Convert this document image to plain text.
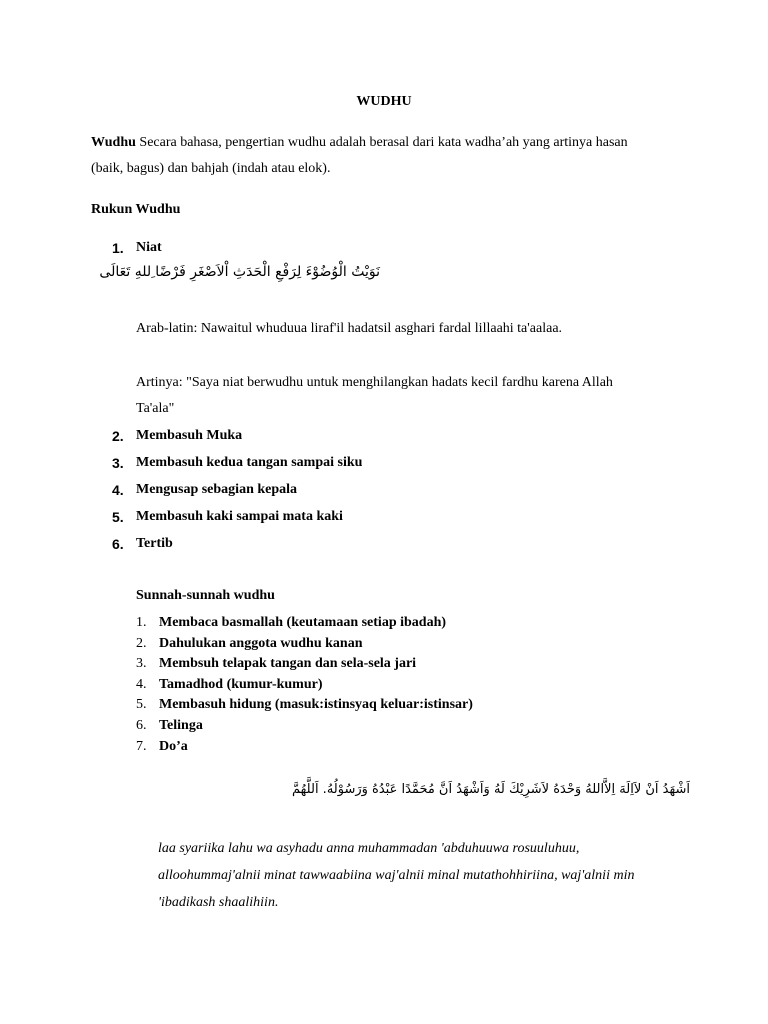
WUDHU
Wudhu Secara bahasa, pengertian wudhu adalah berasal dari kata wadha’ah yang artinya hasan
(baik, bagus) dan bahjah (indah atau elok).
Rukun Wudhu
1. Niat
نَوَيْتُ الْوُضُوْءَ لِرَفْعِ الْحَدَثِ اْلاَصْغَرِ فَرْضًا ِللهِ تَعَالَى
Arab-latin: Nawaitul whuduua liraf'il hadatsil asghari fardal lillaahi ta'aalaa.
Artinya: "Saya niat berwudhu untuk menghilangkan hadats kecil fardhu karena Allah
Ta'ala"
2. Membasuh Muka
3. Membasuh kedua tangan sampai siku
4. Mengusap sebagian kepala
5. Membasuh kaki sampai mata kaki
6. Tertib
Sunnah-sunnah wudhu
1. Membaca basmallah (keutamaan setiap ibadah)
2. Dahulukan anggota wudhu kanan
3. Membsuh telapak tangan dan sela-sela jari
4. Tamadhod (kumur-kumur)
5. Membasuh hidung (masuk:istinsyaq keluar:istinsar)
6. Telinga
7. Do’a
اَشْهَدُ اَنْ لاَاِلَهَ اِلاَّاللهُ وَحْدَهُ لاَشَرِيْكَ لَهُ وَاَشْهَدُ اَنَّ مُحَمَّدًا عَبْدُهُ وَرَسُوْلُهُ. اَللَّهُمَّ
laa syariika lahu wa asyhadu anna muhammadan 'abduhuuwa rosuuluhuu,
alloohummaj'alnii minat tawwaabiina waj'alnii minal mutathohhiriina, waj'alnii min
'ibadikash shaalihiin.
